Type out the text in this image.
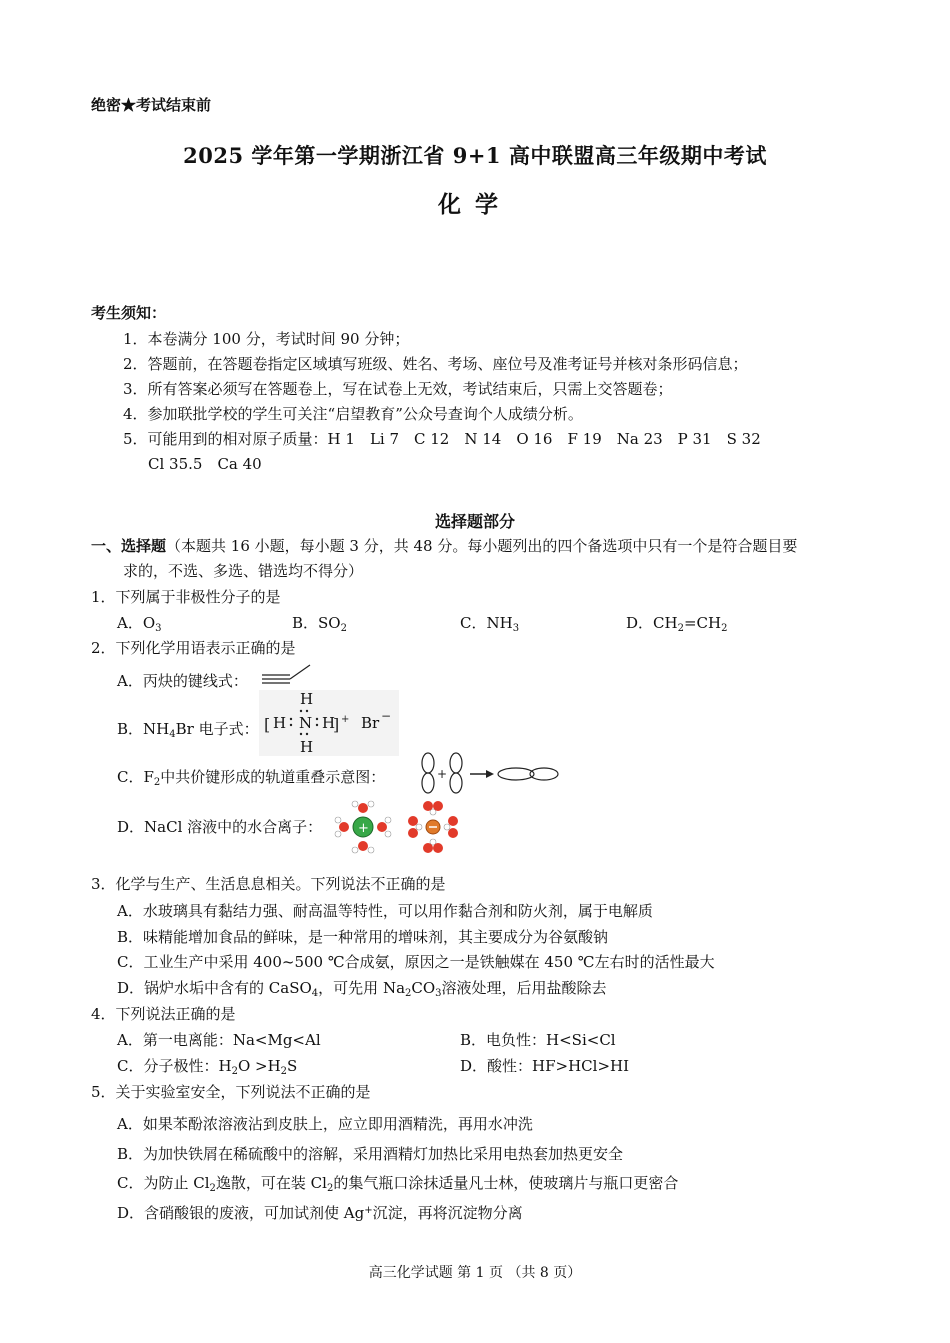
绝密★考试结束前
2025 学年第一学期浙江省 9+1 高中联盟高三年级期中考试
化学
考生须知：
1．本卷满分 100 分，考试时间 90 分钟；
2．答题前，在答题卷指定区域填写班级、姓名、考场、座位号及准考证号并核对条形码信息；
3．所有答案必须写在答题卷上，写在试卷上无效，考试结束后，只需上交答题卷；
4．参加联批学校的学生可关注“启望教育”公众号查询个人成绩分析。
5．可能用到的相对原子质量：H 1　Li 7　C 12　N 14　O 16　F 19　Na 23　P 31　S 32
Cl 35.5　Ca 40
选择题部分
一、选择题（本题共 16 小题，每小题 3 分，共 48 分。每小题列出的四个备选项中只有一个是符合题目要
求的，不选、多选、错选均不得分）
1．下列属于非极性分子的是
A．$O_3$	B．$SO_2$	C．$NH_3$	D．$CH_2=CH_2$
2．下列化学用语表示正确的是
A．丙炔的键线式：
B．$NH_4Br$ 电子式： [	] +	−
H
H N H
H
Br
C．$F_2$中共价键形成的轨道重叠示意图：	+
D．NaCl 溶液中的水合离子：	+
3．化学与生产、生活息息相关。下列说法不正确的是
A．水玻璃具有黏结力强、耐高温等特性，可以用作黏合剂和防火剂，属于电解质
B．味精能增加食品的鲜味，是一种常用的增味剂，其主要成分为谷氨酸钠
C．工业生产中采用 400~500 ℃合成氨，原因之一是铁触媒在 450 ℃左右时的活性最大
D．锅炉水垢中含有的 CaSO$_4$，可先用 $Na_2CO_3$溶液处理，后用盐酸除去
4．下列说法正确的是
A．第一电离能：Na<Mg<Al	B．电负性：H<Si<Cl
C．分子极性：$H_2O >H_2S$	D．酸性：HF>HCl>HI
5．关于实验室安全，下列说法不正确的是
A．如果苯酚浓溶液沾到皮肤上，应立即用酒精洗，再用水冲洗
B．为加快铁屑在稀硫酸中的溶解，采用酒精灯加热比采用电热套加热更安全
C．为防止 $Cl_2$逸散，可在装 $Cl_2$的集气瓶口涂抹适量凡士林，使玻璃片与瓶口更密合
D．含硝酸银的废液，可加试剂使 Ag+沉淀，再将沉淀物分离
高三化学试题 第 1 页 （共 8 页）
